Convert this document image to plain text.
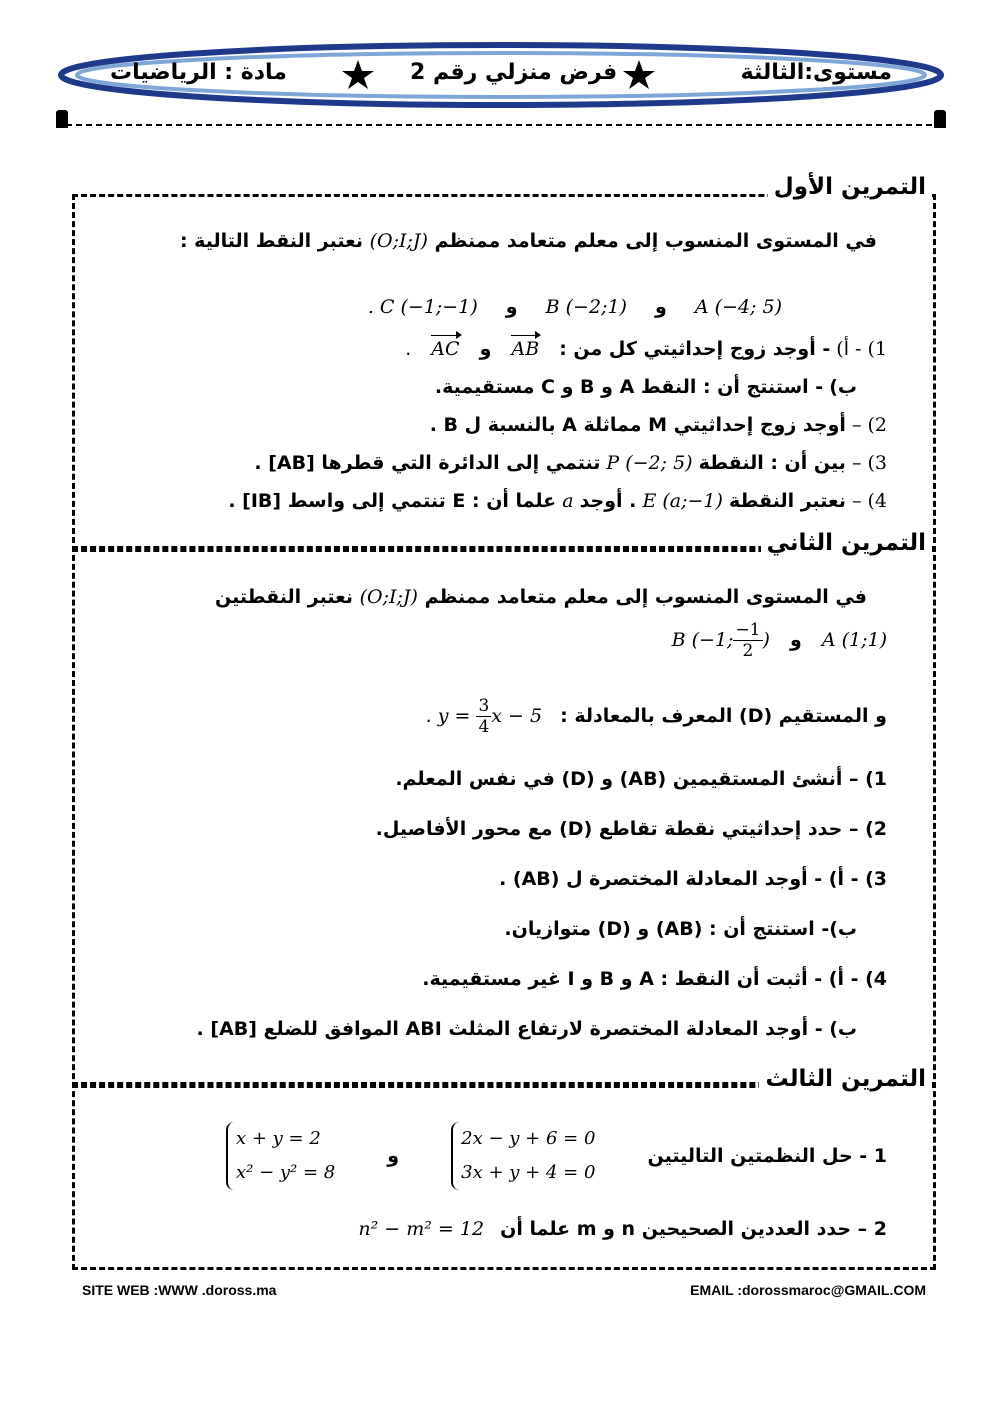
مادة : الرياضيات	فرض منزلي رقم 2	مستوى:الثالثة
التمرين الأول
في المستوى المنسوب إلى معلم متعامد ممنظم (O;I;J) نعتبر النقط التالية :
A (−4; 5) و B (−2;1) و . C (−1;−1)
1) - أ) - أوجد زوج إحداثيتي كل من : AB و AC .
ب) - استنتج أن : النقط A و B و C مستقيمية.
2) – أوجد زوج إحداثيتي M مماثلة A بالنسبة ل B .
3) – بين أن : النقطة P (−2; 5) تنتمي إلى الدائرة التي قطرها [AB] .
4) – نعتبر النقطة E (a;−1) . أوجد a علما أن : E تنتمي إلى واسط [IB] .
التمرين الثاني
في المستوى المنسوب إلى معلم متعامد ممنظم (O;I;J) نعتبر النقطتين
A (1;1) و B (−1; $\frac{-1}{2}$ )
و المستقيم (D) المعرف بالمعادلة : $y = \frac{3}{4}$ x − 5 .
1) – أنشئ المستقيمين (AB) و (D) في نفس المعلم.
2) – حدد إحداثيتي نقطة تقاطع (D) مع محور الأفاصيل.
3) - أ) - أوجد المعادلة المختصرة ل (AB) .
ب)- استنتج أن : (AB) و (D) متوازيان.
4) - أ) - أثبت أن النقط : A و B و I غير مستقيمية.
ب) - أوجد المعادلة المختصرة لارتفاع المثلث ABI الموافق للضلع [AB] .
التمرين الثالث
1 - حل النظمتين التاليتين
2x − y + 6 = 0
3x + y + 4 = 0
و
x + y = 2
x² − y² = 8
2 – حدد العددين الصحيحين n و m علما أن n² − m² = 12
SITE WEB :WWW .doross.ma	EMAIL :dorossmaroc@GMAIL.COM
